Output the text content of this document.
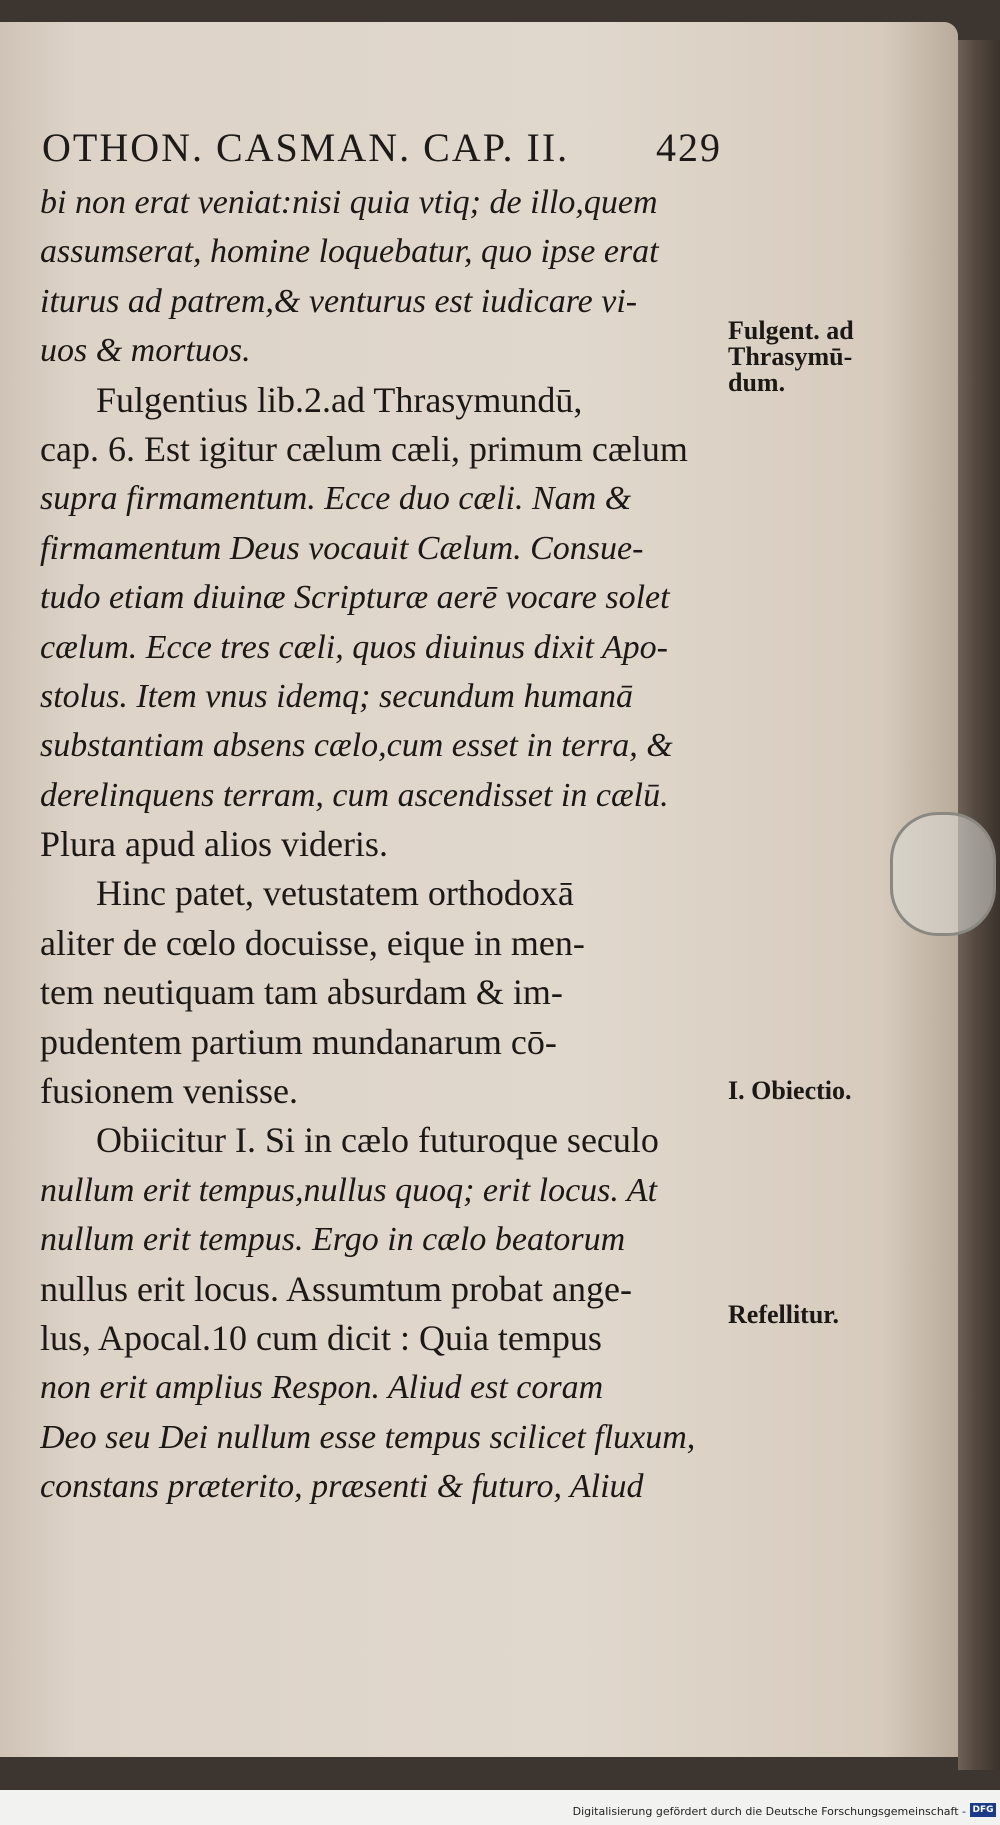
OTHON. CASMAN. CAP. II. 429
bi non erat veniat:nisi quia vtiq; de illo,quem
assumserat, homine loquebatur, quo ipse erat
iturus ad patrem,& venturus est iudicare vi-
uos & mortuos.
Fulgentius lib.2.ad Thrasymundū,
cap. 6. Est igitur cælum cæli, primum cælum
supra firmamentum. Ecce duo cæli. Nam &
firmamentum Deus vocauit Cælum. Consue-
tudo etiam diuinæ Scripturæ aerē vocare solet
cælum. Ecce tres cæli, quos diuinus dixit Apo-
stolus. Item vnus idemq; secundum humanā
substantiam absens cælo,cum esset in terra, &
derelinquens terram, cum ascendisset in cælū.
Plura apud alios videris.
Hinc patet, vetustatem orthodoxā
aliter de cœlo docuisse, eique in men-
tem neutiquam tam absurdam & im-
pudentem partium mundanarum cō-
fusionem venisse.
Obiicitur I. Si in cælo futuroque seculo
nullum erit tempus,nullus quoq; erit locus. At
nullum erit tempus. Ergo in cælo beatorum
nullus erit locus. Assumtum probat ange-
lus, Apocal.10 cum dicit : Quia tempus
non erit amplius Respon. Aliud est coram
Deo seu Dei nullum esse tempus scilicet fluxum,
constans præterito, præsenti & futuro, Aliud
Fulgent. ad
Thrasymū-
dum.
I. Obiectio.
Refellitur.
Digitalisierung gefördert durch die Deutsche Forschungsgemeinschaft - DFG
